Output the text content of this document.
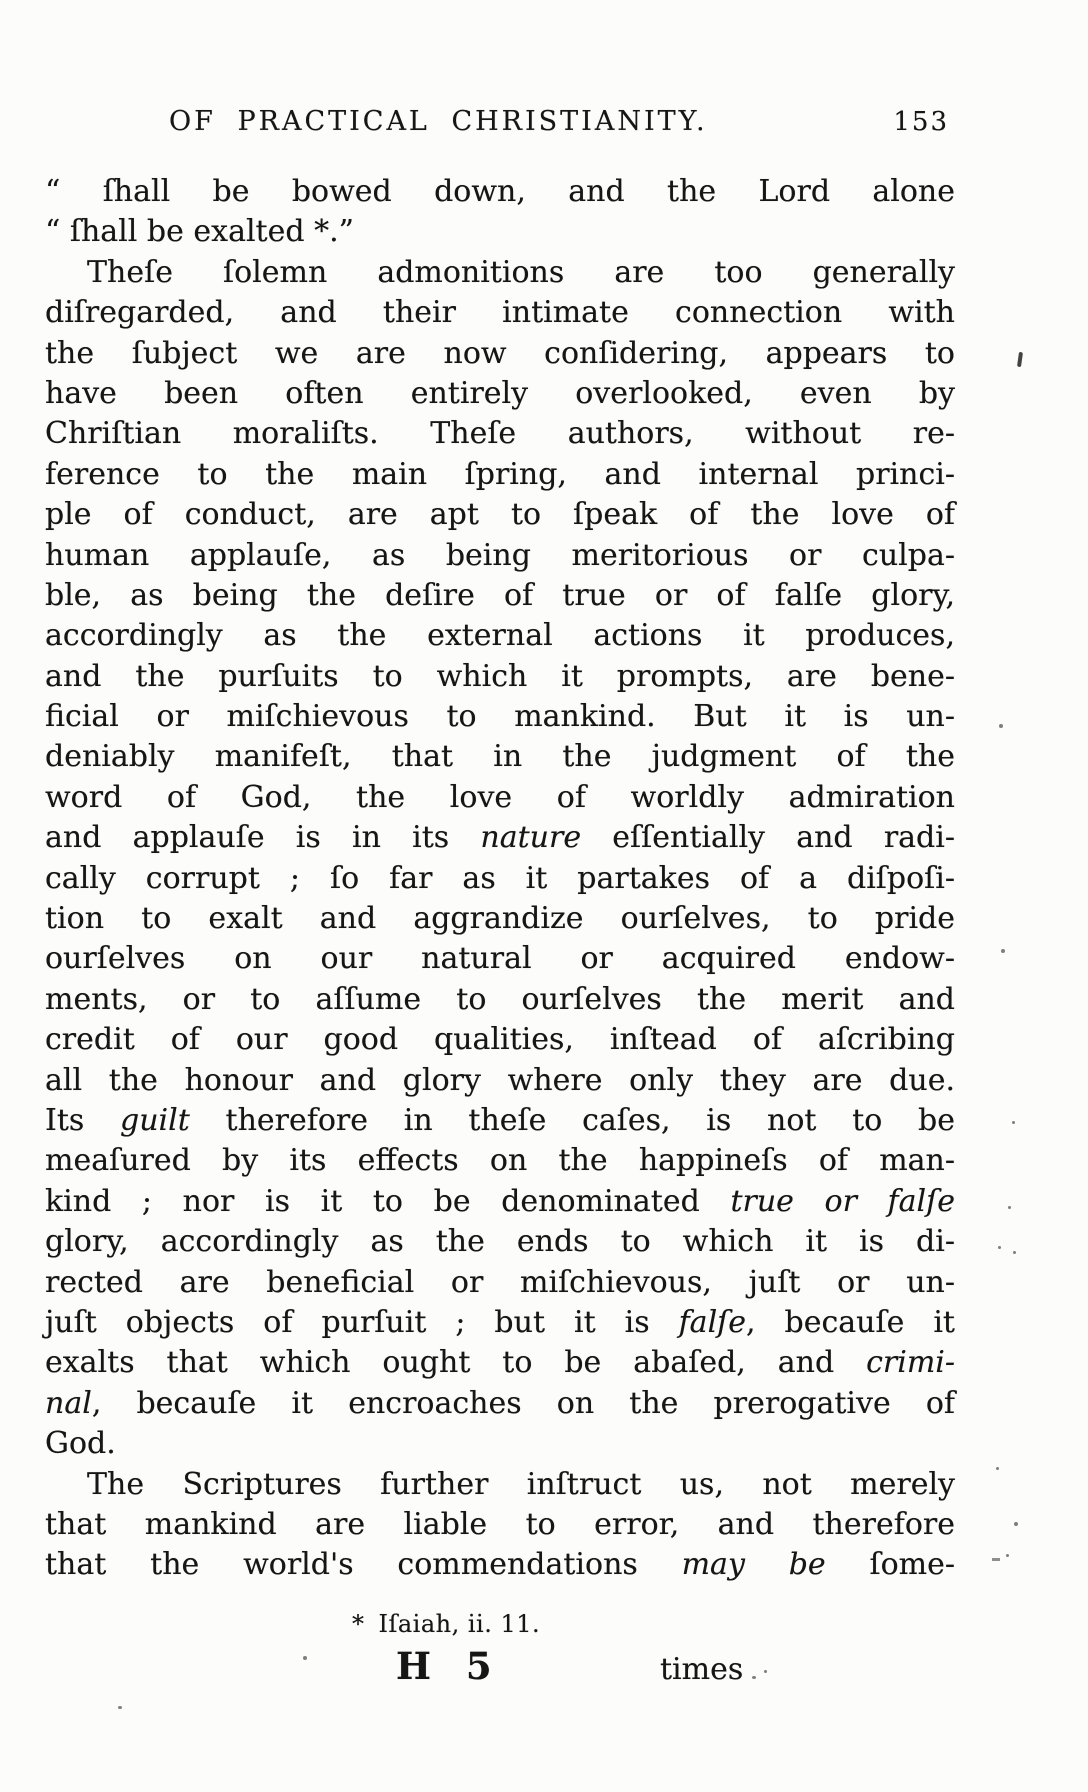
OF PRACTICAL CHRISTIANITY.	153
“ ſhall be bowed down, and the Lord alone
“ ſhall be exalted *.”
Theſe ſolemn admonitions are too generally
diſregarded, and their intimate connection with
the ſubject we are now conſidering, appears to
have been often entirely overlooked, even by
Chriſtian moraliſts. Theſe authors, without re-
ference to the main ſpring, and internal princi-
ple of conduct, are apt to ſpeak of the love of
human applauſe, as being meritorious or culpa-
ble, as being the deſire of true or of falſe glory,
accordingly as the external actions it produces,
and the purſuits to which it prompts, are bene-
ficial or miſchievous to mankind. But it is un-
deniably manifeſt, that in the judgment of the
word of God, the love of worldly admiration
and applauſe is in its nature eſſentially and radi-
cally corrupt ; ſo far as it partakes of a diſpoſi-
tion to exalt and aggrandize ourſelves, to pride
ourſelves on our natural or acquired endow-
ments, or to aſſume to ourſelves the merit and
credit of our good qualities, inſtead of aſcribing
all the honour and glory where only they are due.
Its guilt therefore in theſe caſes, is not to be
meaſured by its effects on the happineſs of man-
kind ; nor is it to be denominated true or falſe
glory, accordingly as the ends to which it is di-
rected are beneficial or miſchievous, juſt or un-
juſt objects of purſuit ; but it is falſe, becauſe it
exalts that which ought to be abaſed, and crimi-
nal, becauſe it encroaches on the prerogative of
God.
The Scriptures further inſtruct us, not merely
that mankind are liable to error, and therefore
that the world's commendations may be ſome-
* Iſaiah, ii. 11.
H 5	times
